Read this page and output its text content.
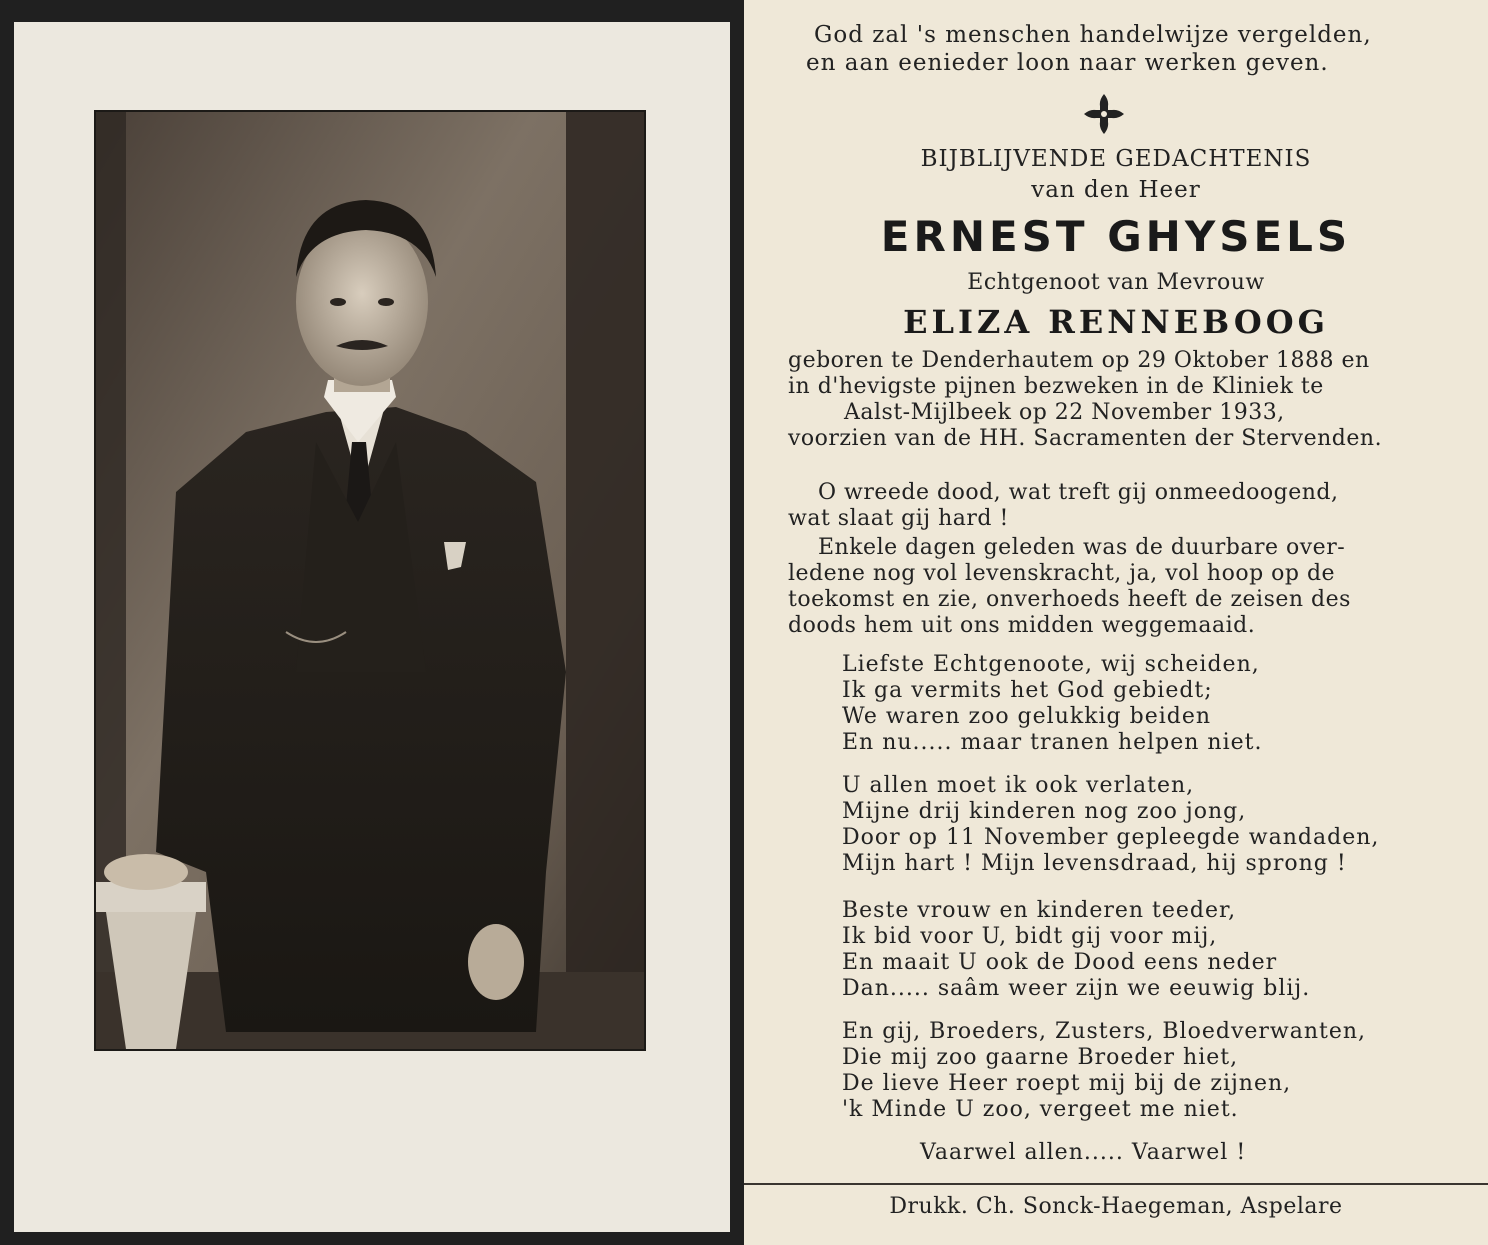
God zal 's menschen handelwijze vergelden,
en aan eenieder loon naar werken geven.
BIJBLIJVENDE GEDACHTENIS
van den Heer
ERNEST GHYSELS
Echtgenoot van Mevrouw
ELIZA RENNEBOOG
geboren te Denderhautem op 29 Oktober 1888 en
in d'hevigste pijnen bezweken in de Kliniek te
Aalst-Mijlbeek op 22 November 1933,
voorzien van de HH. Sacramenten der Stervenden.
O wreede dood, wat treft gij onmeedoogend,
wat slaat gij hard !
Enkele dagen geleden was de duurbare over-
ledene nog vol levenskracht, ja, vol hoop op de
toekomst en zie, onverhoeds heeft de zeisen des
doods hem uit ons midden weggemaaid.
Liefste Echtgenoote, wij scheiden,
Ik ga vermits het God gebiedt;
We waren zoo gelukkig beiden
En nu..... maar tranen helpen niet.
U allen moet ik ook verlaten,
Mijne drij kinderen nog zoo jong,
Door op 11 November gepleegde wandaden,
Mijn hart ! Mijn levensdraad, hij sprong !
Beste vrouw en kinderen teeder,
Ik bid voor U, bidt gij voor mij,
En maait U ook de Dood eens neder
Dan..... saâm weer zijn we eeuwig blij.
En gij, Broeders, Zusters, Bloedverwanten,
Die mij zoo gaarne Broeder hiet,
De lieve Heer roept mij bij de zijnen,
'k Minde U zoo, vergeet me niet.
Vaarwel allen..... Vaarwel !
Drukk. Ch. Sonck-Haegeman, Aspelare
